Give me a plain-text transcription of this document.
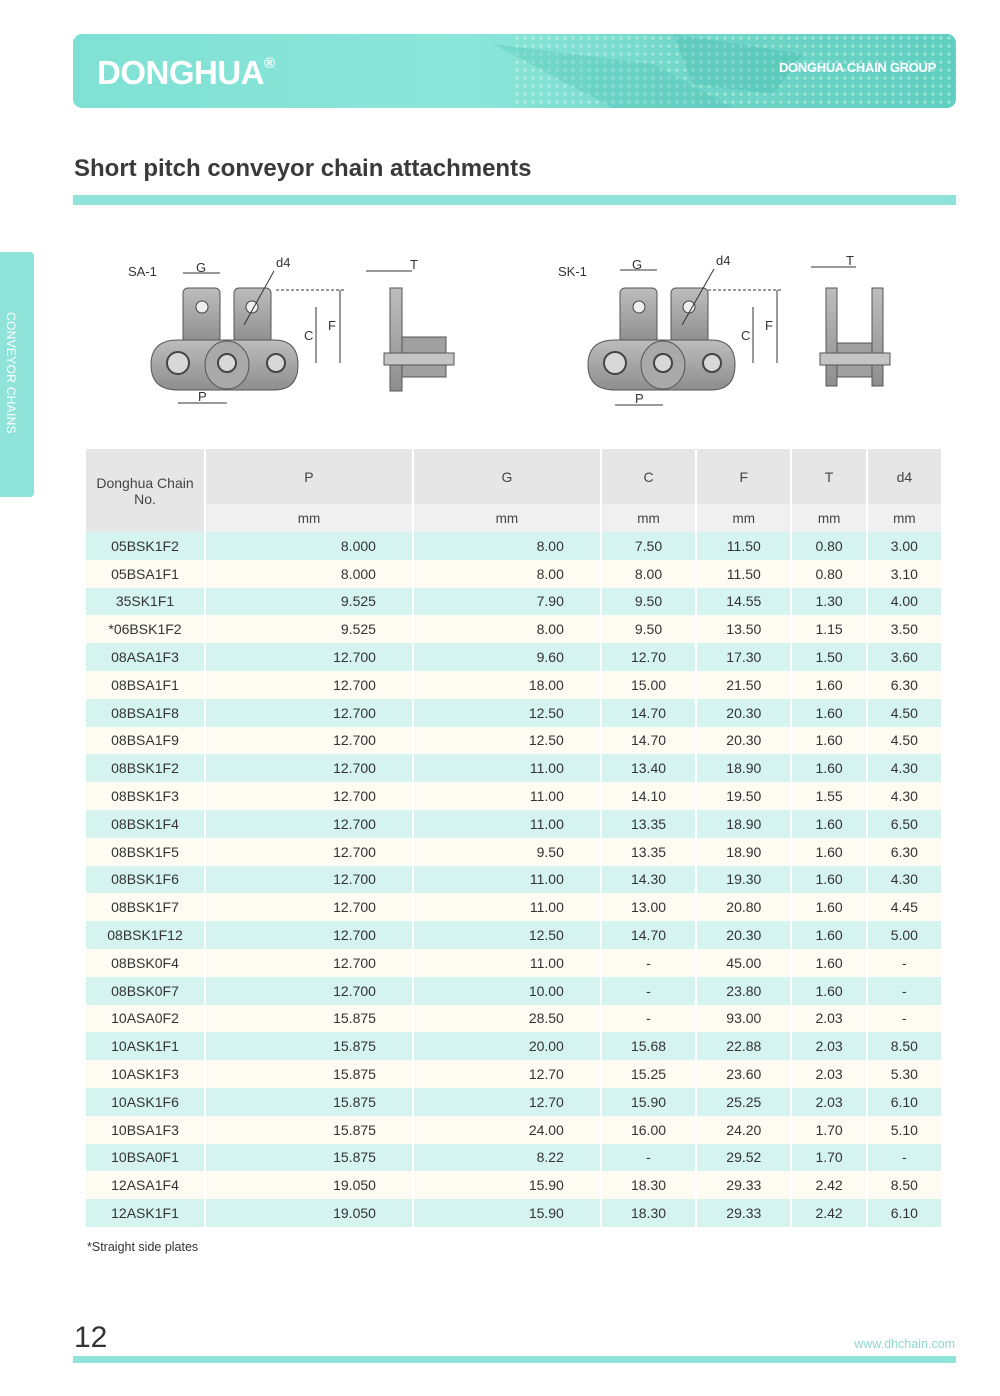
DONGHUA®	DONGHUA CHAIN GROUP
Short pitch conveyor chain attachments
CONVEYOR CHAINS
SA-1	G	d4
C
F
P
T	SK-1	G	d4
C
F
P
T
Donghua Chain No.	P	G	C	F	T	d4
	mm	mm	mm	mm	mm	mm
05BSK1F2	8.000	8.00	7.50	11.50	0.80	3.00
05BSA1F1	8.000	8.00	8.00	11.50	0.80	3.10
35SK1F1	9.525	7.90	9.50	14.55	1.30	4.00
*06BSK1F2	9.525	8.00	9.50	13.50	1.15	3.50
08ASA1F3	12.700	9.60	12.70	17.30	1.50	3.60
08BSA1F1	12.700	18.00	15.00	21.50	1.60	6.30
08BSA1F8	12.700	12.50	14.70	20.30	1.60	4.50
08BSA1F9	12.700	12.50	14.70	20.30	1.60	4.50
08BSK1F2	12.700	11.00	13.40	18.90	1.60	4.30
08BSK1F3	12.700	11.00	14.10	19.50	1.55	4.30
08BSK1F4	12.700	11.00	13.35	18.90	1.60	6.50
08BSK1F5	12.700	9.50	13.35	18.90	1.60	6.30
08BSK1F6	12.700	11.00	14.30	19.30	1.60	4.30
08BSK1F7	12.700	11.00	13.00	20.80	1.60	4.45
08BSK1F12	12.700	12.50	14.70	20.30	1.60	5.00
08BSK0F4	12.700	11.00	-	45.00	1.60	-
08BSK0F7	12.700	10.00	-	23.80	1.60	-
10ASA0F2	15.875	28.50	-	93.00	2.03	-
10ASK1F1	15.875	20.00	15.68	22.88	2.03	8.50
10ASK1F3	15.875	12.70	15.25	23.60	2.03	5.30
10ASK1F6	15.875	12.70	15.90	25.25	2.03	6.10
10BSA1F3	15.875	24.00	16.00	24.20	1.70	5.10
10BSA0F1	15.875	8.22	-	29.52	1.70	-
12ASA1F4	19.050	15.90	18.30	29.33	2.42	8.50
12ASK1F1	19.050	15.90	18.30	29.33	2.42	6.10
*Straight side plates
12	www.dhchain.com
